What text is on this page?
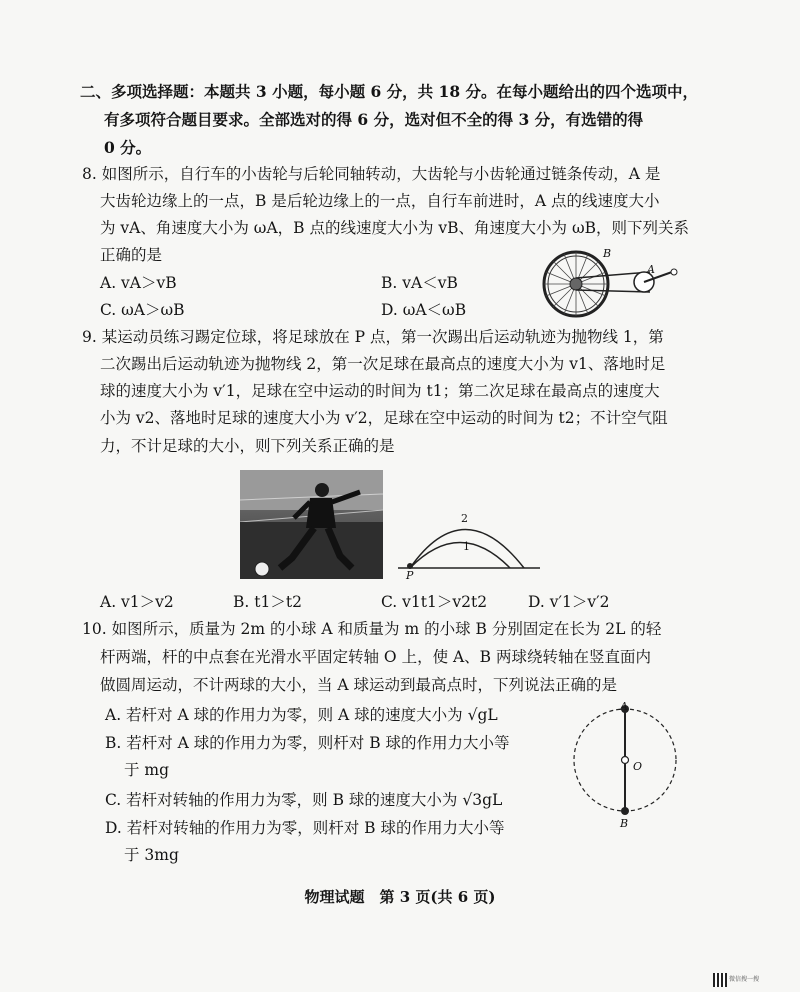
二、多项选择题：本题共 3 小题，每小题 6 分，共 18 分。在每小题给出的四个选项中，
有多项符合题目要求。全部选对的得 6 分，选对但不全的得 3 分，有选错的得
0 分。
8. 如图所示，自行车的小齿轮与后轮同轴转动，大齿轮与小齿轮通过链条传动，A 是
大齿轮边缘上的一点，B 是后轮边缘上的一点，自行车前进时，A 点的线速度大小
为 vA、角速度大小为 ωA，B 点的线速度大小为 vB、角速度大小为 ωB，则下列关系
正确的是
A. vA＞vB	B. vA＜vB
C. ωA＞ωB	D. ωA＜ωB
B
A
9. 某运动员练习踢定位球，将足球放在 P 点，第一次踢出后运动轨迹为抛物线 1，第
二次踢出后运动轨迹为抛物线 2，第一次足球在最高点的速度大小为 v1、落地时足
球的速度大小为 v′1，足球在空中运动的时间为 t1；第二次足球在最高点的速度大
小为 v2、落地时足球的速度大小为 v′2，足球在空中运动的时间为 t2；不计空气阻
力，不计足球的大小，则下列关系正确的是
2
1
P
A. v1＞v2	B. t1＞t2	C. v1t1＞v2t2	D. v′1＞v′2
10. 如图所示，质量为 2m 的小球 A 和质量为 m 的小球 B 分别固定在长为 2L 的轻
杆两端，杆的中点套在光滑水平固定转轴 O 上，使 A、B 两球绕转轴在竖直面内
做圆周运动，不计两球的大小，当 A 球运动到最高点时，下列说法正确的是
A. 若杆对 A 球的作用力为零，则 A 球的速度大小为 √gL
B. 若杆对 A 球的作用力为零，则杆对 B 球的作用力大小等
于 mg
C. 若杆对转轴的作用力为零，则 B 球的速度大小为 √3gL
D. 若杆对转轴的作用力为零，则杆对 B 球的作用力大小等
于 3mg
A
O
B
物理试题　第 3 页(共 6 页)
微信搜一搜
